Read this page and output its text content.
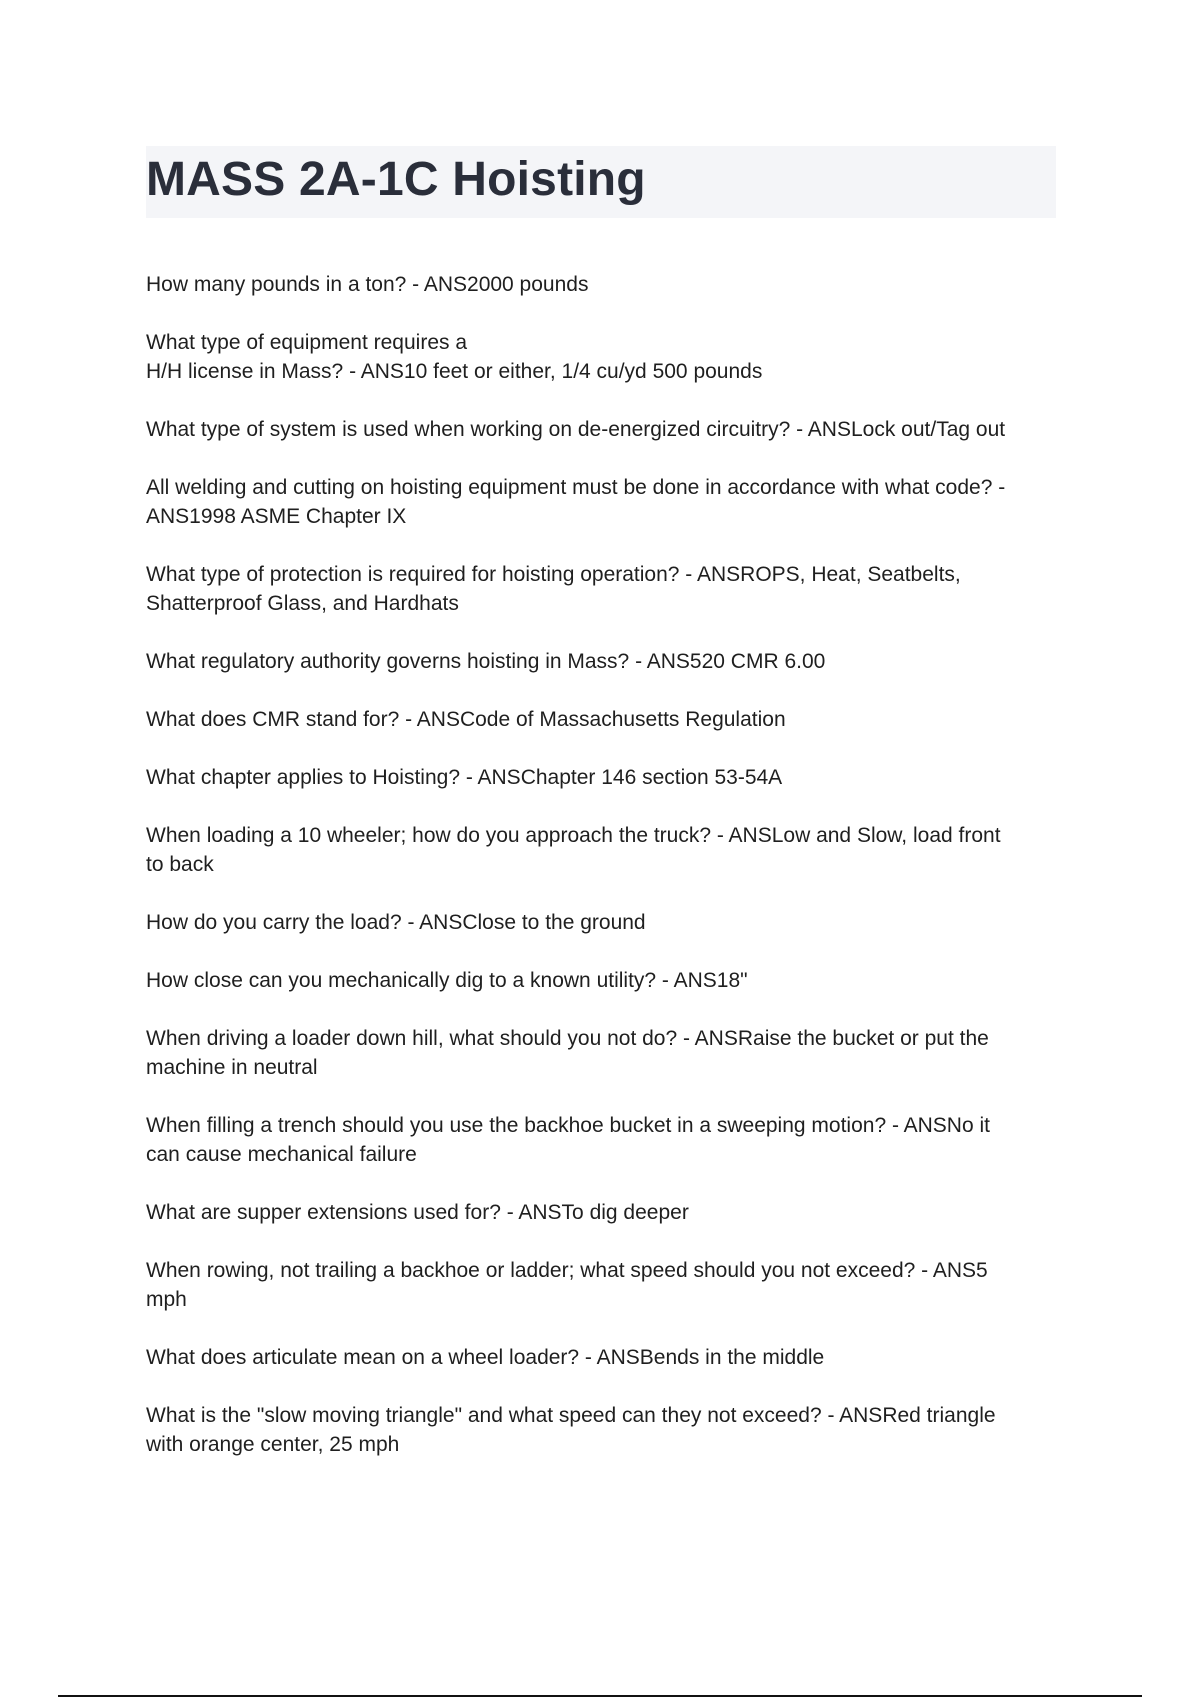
MASS 2A-1C Hoisting

How many pounds in a ton? - ANS2000 pounds

What type of equipment requires a
H/H license in Mass? - ANS10 feet or either, 1/4 cu/yd 500 pounds

What type of system is used when working on de-energized circuitry? - ANSLock out/Tag out

All welding and cutting on hoisting equipment must be done in accordance with what code? -
ANS1998 ASME Chapter IX

What type of protection is required for hoisting operation? - ANSROPS, Heat, Seatbelts,
Shatterproof Glass, and Hardhats

What regulatory authority governs hoisting in Mass? - ANS520 CMR 6.00

What does CMR stand for? - ANSCode of Massachusetts Regulation

What chapter applies to Hoisting? - ANSChapter 146 section 53-54A

When loading a 10 wheeler; how do you approach the truck? - ANSLow and Slow, load front
to back

How do you carry the load? - ANSClose to the ground

How close can you mechanically dig to a known utility? - ANS18"

When driving a loader down hill, what should you not do? - ANSRaise the bucket or put the
machine in neutral

When filling a trench should you use the backhoe bucket in a sweeping motion? - ANSNo it
can cause mechanical failure

What are supper extensions used for? - ANSTo dig deeper

When rowing, not trailing a backhoe or ladder; what speed should you not exceed? - ANS5
mph

What does articulate mean on a wheel loader? - ANSBends in the middle

What is the "slow moving triangle" and what speed can they not exceed? - ANSRed triangle
with orange center, 25 mph
